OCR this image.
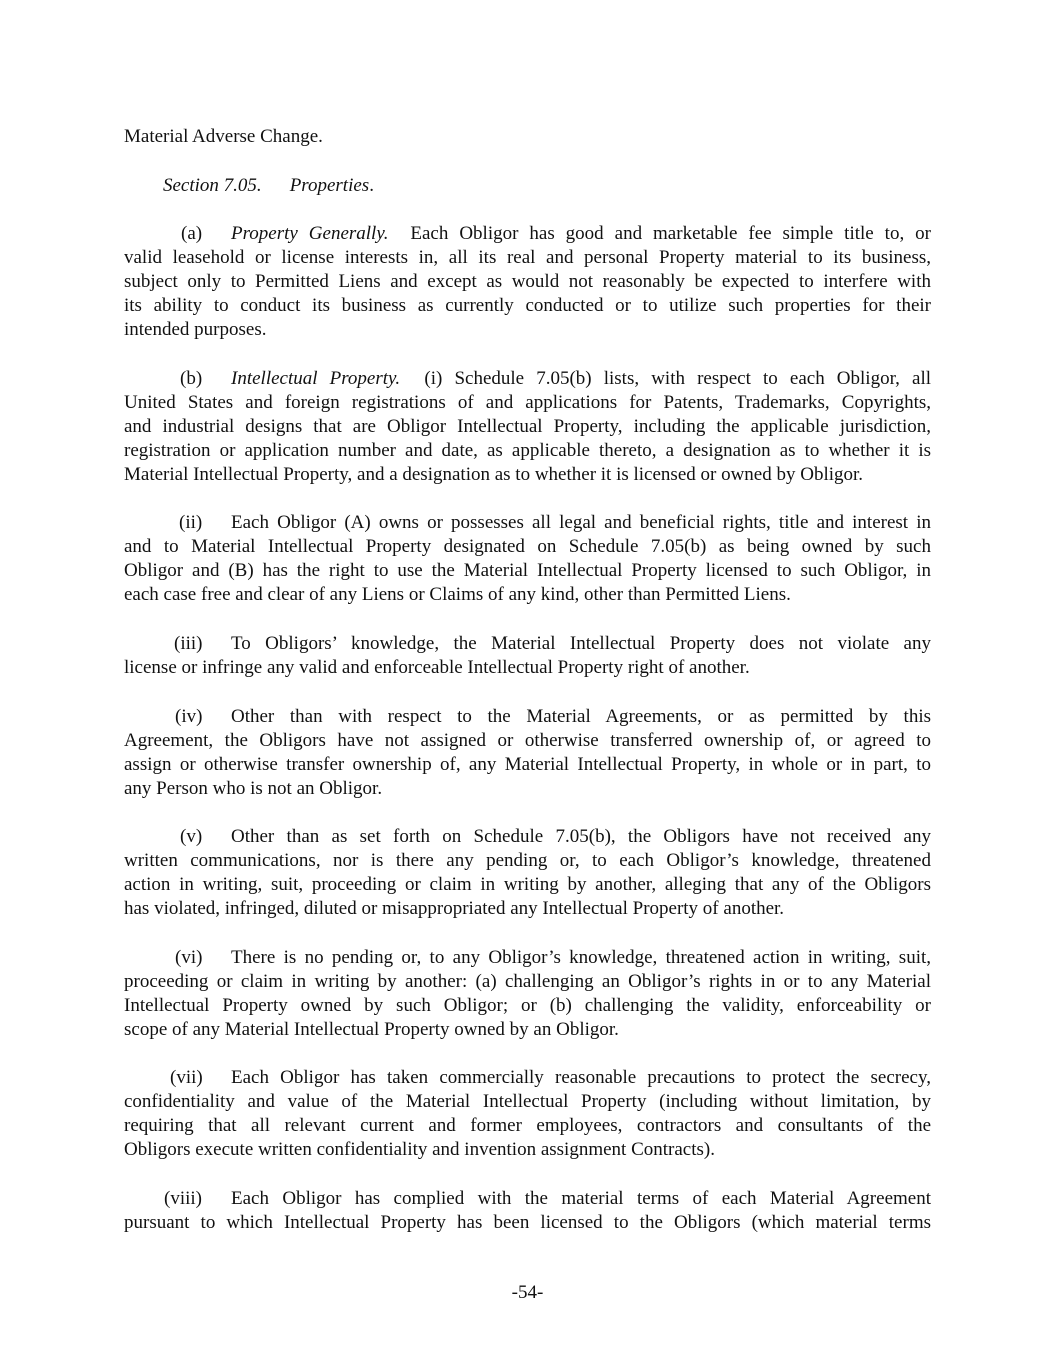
Material Adverse Change.
Section 7.05. Properties.
(a) Property Generally. Each Obligor has good and marketable fee simple title to, or
valid leasehold or license interests in, all its real and personal Property material to its business,
subject only to Permitted Liens and except as would not reasonably be expected to interfere with
its ability to conduct its business as currently conducted or to utilize such properties for their
intended purposes.
(b) Intellectual Property. (i) Schedule 7.05(b) lists, with respect to each Obligor, all
United States and foreign registrations of and applications for Patents, Trademarks, Copyrights,
and industrial designs that are Obligor Intellectual Property, including the applicable jurisdiction,
registration or application number and date, as applicable thereto, a designation as to whether it is
Material Intellectual Property, and a designation as to whether it is licensed or owned by Obligor.
(ii) Each Obligor (A) owns or possesses all legal and beneficial rights, title and interest in
and to Material Intellectual Property designated on Schedule 7.05(b) as being owned by such
Obligor and (B) has the right to use the Material Intellectual Property licensed to such Obligor, in
each case free and clear of any Liens or Claims of any kind, other than Permitted Liens.
(iii) To Obligors’ knowledge, the Material Intellectual Property does not violate any
license or infringe any valid and enforceable Intellectual Property right of another.
(iv) Other than with respect to the Material Agreements, or as permitted by this
Agreement, the Obligors have not assigned or otherwise transferred ownership of, or agreed to
assign or otherwise transfer ownership of, any Material Intellectual Property, in whole or in part, to
any Person who is not an Obligor.
(v) Other than as set forth on Schedule 7.05(b), the Obligors have not received any
written communications, nor is there any pending or, to each Obligor’s knowledge, threatened
action in writing, suit, proceeding or claim in writing by another, alleging that any of the Obligors
has violated, infringed, diluted or misappropriated any Intellectual Property of another.
(vi) There is no pending or, to any Obligor’s knowledge, threatened action in writing, suit,
proceeding or claim in writing by another: (a) challenging an Obligor’s rights in or to any Material
Intellectual Property owned by such Obligor; or (b) challenging the validity, enforceability or
scope of any Material Intellectual Property owned by an Obligor.
(vii) Each Obligor has taken commercially reasonable precautions to protect the secrecy,
confidentiality and value of the Material Intellectual Property (including without limitation, by
requiring that all relevant current and former employees, contractors and consultants of the
Obligors execute written confidentiality and invention assignment Contracts).
(viii) Each Obligor has complied with the material terms of each Material Agreement
pursuant to which Intellectual Property has been licensed to the Obligors (which material terms
-54-
